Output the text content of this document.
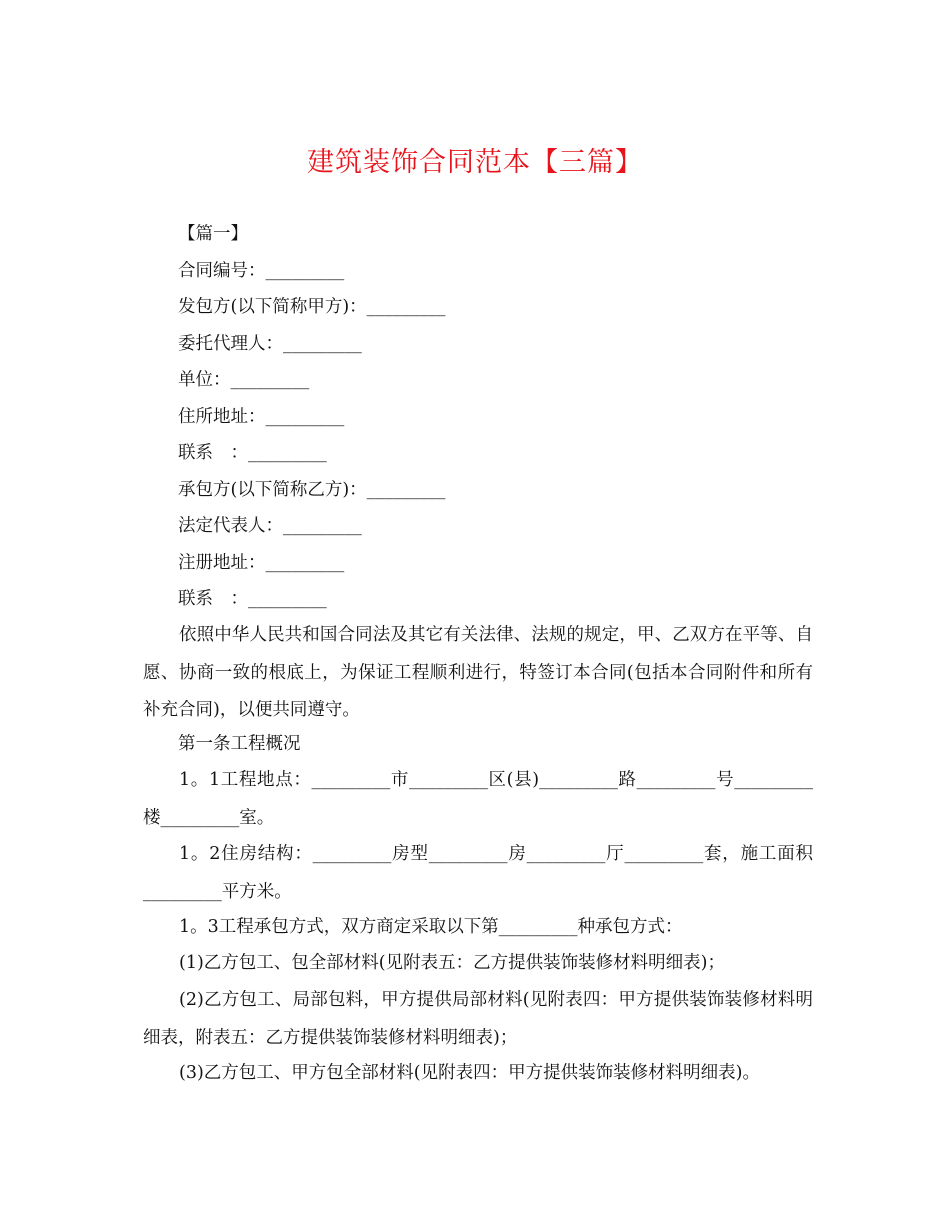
建筑装饰合同范本【三篇】
【篇一】
合同编号：_________
发包方(以下简称甲方)：_________
委托代理人：_________
单位：_________
住所地址：_________
联系　：_________
承包方(以下简称乙方)：_________
法定代表人：_________
注册地址：_________
联系　：_________
依照中华人民共和国合同法及其它有关法律、法规的规定，甲、乙双方在平等、自愿、协商一致的根底上，为保证工程顺利进行，特签订本合同(包括本合同附件和所有补充合同)，以便共同遵守。
第一条工程概况
1。1工程地点：_________市_________区(县)_________路_________号_________楼_________室。
1。2住房结构：_________房型_________房_________厅_________套，施工面积_________平方米。
1。3工程承包方式，双方商定采取以下第_________种承包方式：
(1)乙方包工、包全部材料(见附表五：乙方提供装饰装修材料明细表)；
(2)乙方包工、局部包料，甲方提供局部材料(见附表四：甲方提供装饰装修材料明细表，附表五：乙方提供装饰装修材料明细表)；
(3)乙方包工、甲方包全部材料(见附表四：甲方提供装饰装修材料明细表)。
